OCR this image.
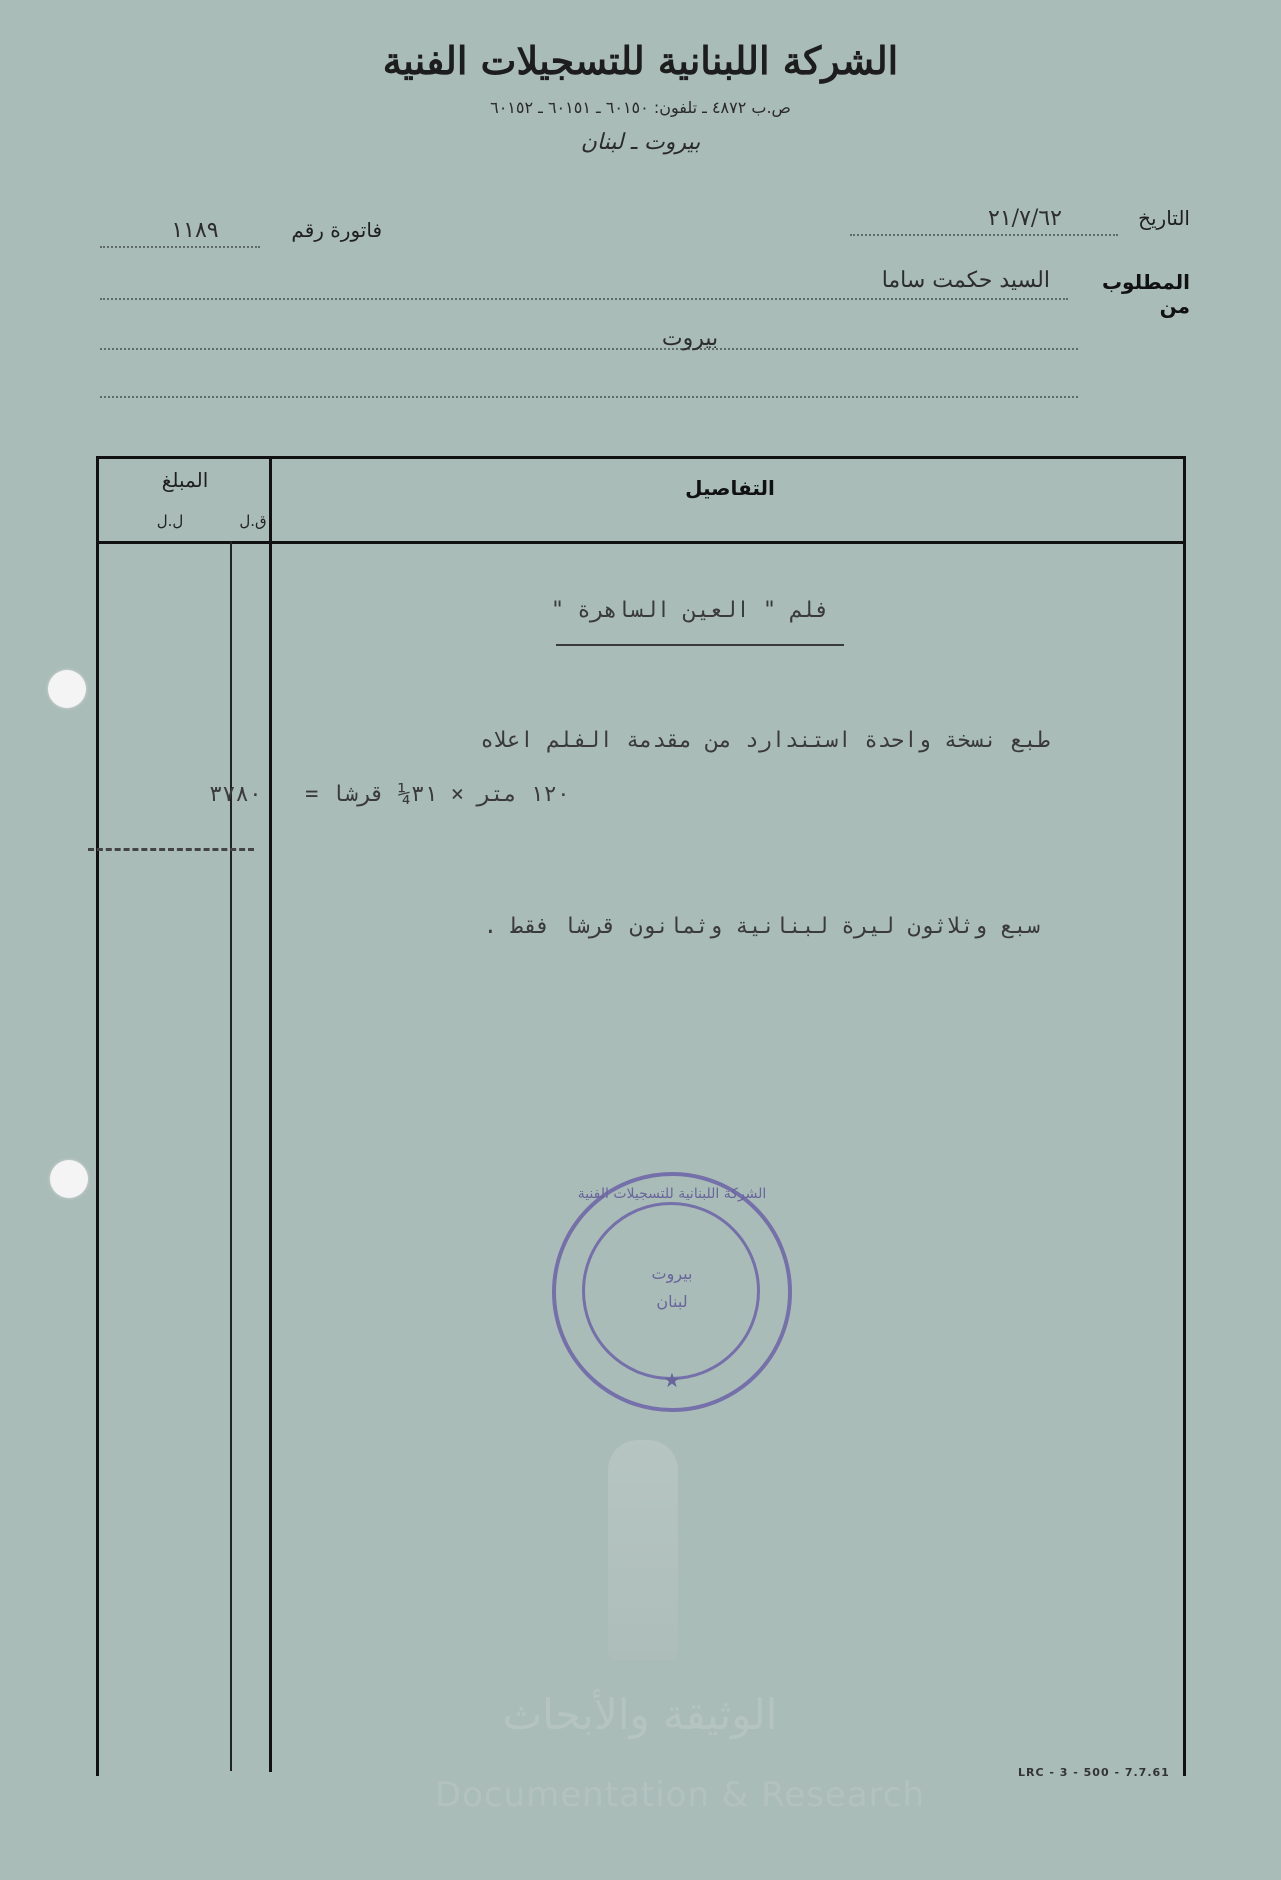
الشركة اللبنانية للتسجيلات الفنية
ص.ب ٤٨٧٢ ـ تلفون: ٦٠١٥٠ ـ ٦٠١٥١ ـ ٦٠١٥٢
بيروت ـ لبنان
التاريخ
٢١/٧/٦٢
فاتورة رقم
١١٨٩
المطلوب من
السيد حكمت ساما
بيروت
التفاصيل
المبلغ
ل.ل	ق.ل
فلم " العين الساهرة "
طبع نسخة واحدة استندارد من مقدمة الفلم اعلاه
١٢٠ متر × ٣١¼ قرشا =
٣٧٨٠
سبع وثلاثون ليرة لبنانية وثمانون قرشا فقط .
الشركة اللبنانية للتسجيلات الفنية
بيروت
لبنان
★
الوثيقة والأبحاث
Documentation & Research
LRC - 3 - 500 - 7.7.61
